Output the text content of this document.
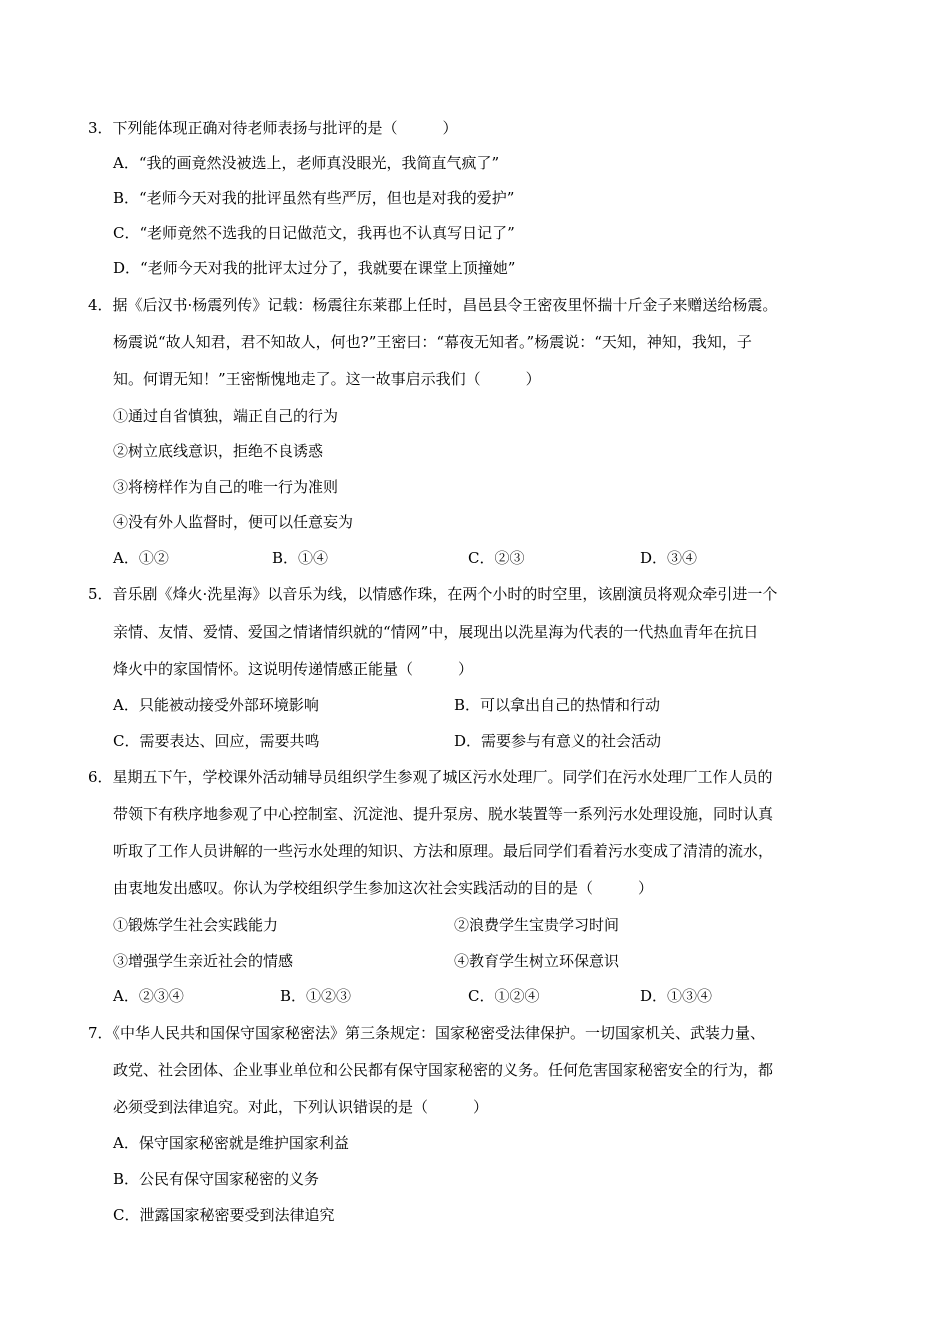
3．下列能体现正确对待老师表扬与批评的是（　　　）
A．“我的画竟然没被选上，老师真没眼光，我简直气疯了”
B．“老师今天对我的批评虽然有些严厉，但也是对我的爱护”
C．“老师竟然不选我的日记做范文，我再也不认真写日记了”
D．“老师今天对我的批评太过分了，我就要在课堂上顶撞她”
4．据《后汉书·杨震列传》记载：杨震往东莱郡上任时，昌邑县令王密夜里怀揣十斤金子来赠送给杨震。
杨震说“故人知君，君不知故人，何也?”王密曰：“幕夜无知者。”杨震说：“天知，神知，我知，子
知。何谓无知！”王密惭愧地走了。这一故事启示我们（　　　）
①通过自省慎独，端正自己的行为
②树立底线意识，拒绝不良诱惑
③将榜样作为自己的唯一行为准则
④没有外人监督时，便可以任意妄为
A．①②	B．①④	C．②③	D．③④
5．音乐剧《烽火·洗星海》以音乐为线，以情感作珠，在两个小时的时空里，该剧演员将观众牵引进一个
亲情、友情、爱情、爱国之情诸情织就的“情网”中，展现出以洗星海为代表的一代热血青年在抗日
烽火中的家国情怀。这说明传递情感正能量（　　　）
A．只能被动接受外部环境影响	B．可以拿出自己的热情和行动
C．需要表达、回应，需要共鸣	D．需要参与有意义的社会活动
6．星期五下午，学校课外活动辅导员组织学生参观了城区污水处理厂。同学们在污水处理厂工作人员的
带领下有秩序地参观了中心控制室、沉淀池、提升泵房、脱水装置等一系列污水处理设施，同时认真
听取了工作人员讲解的一些污水处理的知识、方法和原理。最后同学们看着污水变成了清清的流水，
由衷地发出感叹。你认为学校组织学生参加这次社会实践活动的目的是（　　　）
①锻炼学生社会实践能力	②浪费学生宝贵学习时间
③增强学生亲近社会的情感	④教育学生树立环保意识
A．②③④	B．①②③	C．①②④	D．①③④
7．《中华人民共和国保守国家秘密法》第三条规定：国家秘密受法律保护。一切国家机关、武装力量、
政党、社会团体、企业事业单位和公民都有保守国家秘密的义务。任何危害国家秘密安全的行为，都
必须受到法律追究。对此，下列认识错误的是（　　　）
A．保守国家秘密就是维护国家利益
B．公民有保守国家秘密的义务
C．泄露国家秘密要受到法律追究
